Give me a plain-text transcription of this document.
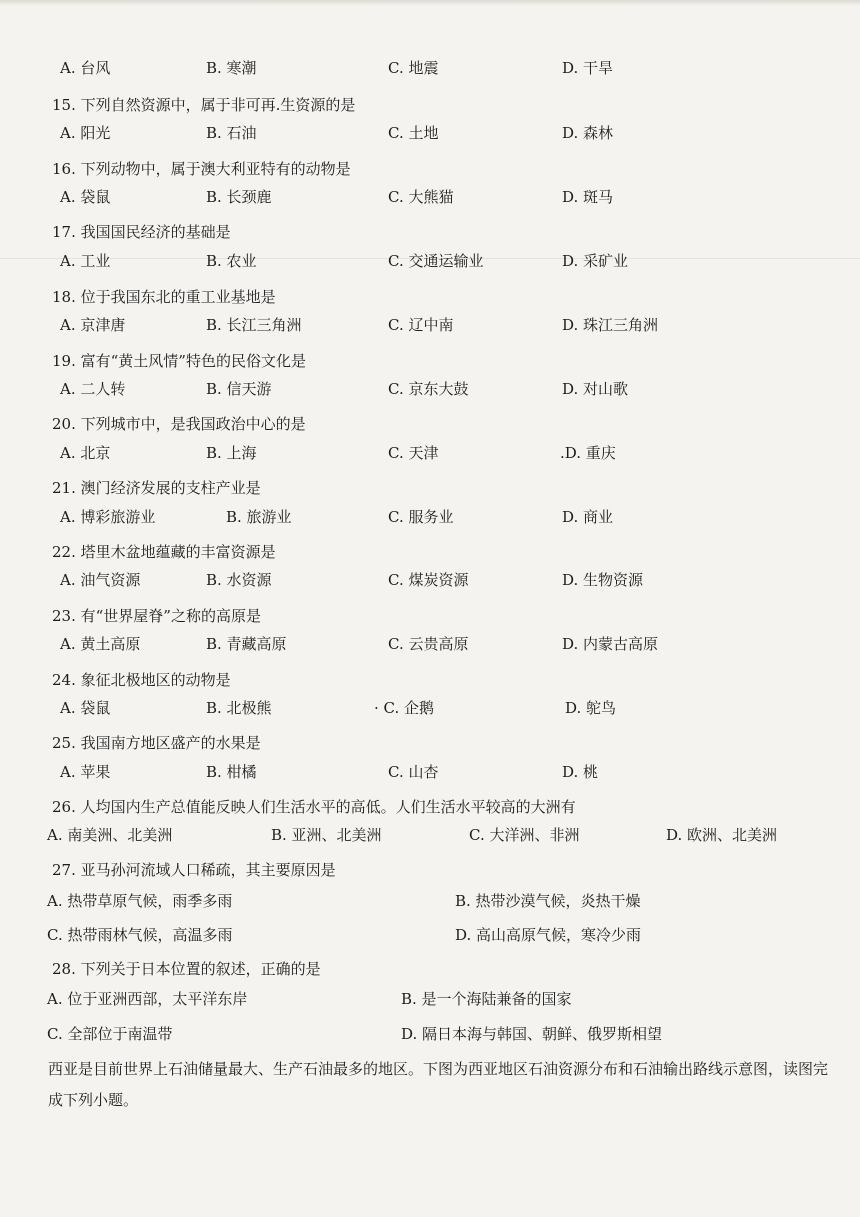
A. 台风	B. 寒潮	C. 地震	D. 干旱
15. 下列自然资源中，属于非可再.生资源的是
A. 阳光	B. 石油	C. 土地	D. 森林
16. 下列动物中，属于澳大利亚特有的动物是
A. 袋鼠	B. 长颈鹿	C. 大熊猫	D. 斑马
17. 我国国民经济的基础是
A. 工业	B. 农业	C. 交通运输业	D. 采矿业
18. 位于我国东北的重工业基地是
A. 京津唐	B. 长江三角洲	C. 辽中南	D. 珠江三角洲
19. 富有“黄土风情”特色的民俗文化是
A. 二人转	B. 信天游	C. 京东大鼓	D. 对山歌
20. 下列城市中，是我国政治中心的是
A. 北京	B. 上海	C. 天津	.D. 重庆
21. 澳门经济发展的支柱产业是
A. 博彩旅游业	B. 旅游业	C. 服务业	D. 商业
22. 塔里木盆地蕴藏的丰富资源是
A. 油气资源	B. 水资源	C. 煤炭资源	D. 生物资源
23. 有“世界屋脊”之称的高原是
A. 黄土高原	B. 青藏高原	C. 云贵高原	D. 内蒙古高原
24. 象征北极地区的动物是
A. 袋鼠	B. 北极熊	· C. 企鹅	D. 鸵鸟
25. 我国南方地区盛产的水果是
A. 苹果	B. 柑橘	C. 山杏	D. 桃
26. 人均国内生产总值能反映人们生活水平的高低。人们生活水平较高的大洲有
A. 南美洲、北美洲	B. 亚洲、北美洲	C. 大洋洲、非洲	D. 欧洲、北美洲
27. 亚马孙河流域人口稀疏，其主要原因是
A. 热带草原气候，雨季多雨	B. 热带沙漠气候，炎热干燥
C. 热带雨林气候，高温多雨	D. 高山高原气候，寒冷少雨
28. 下列关于日本位置的叙述，正确的是
A. 位于亚洲西部，太平洋东岸	B. 是一个海陆兼备的国家
C. 全部位于南温带	D. 隔日本海与韩国、朝鲜、俄罗斯相望
西亚是目前世界上石油储量最大、生产石油最多的地区。下图为西亚地区石油资源分布和石油输出路线示意图，读图完成下列小题。
